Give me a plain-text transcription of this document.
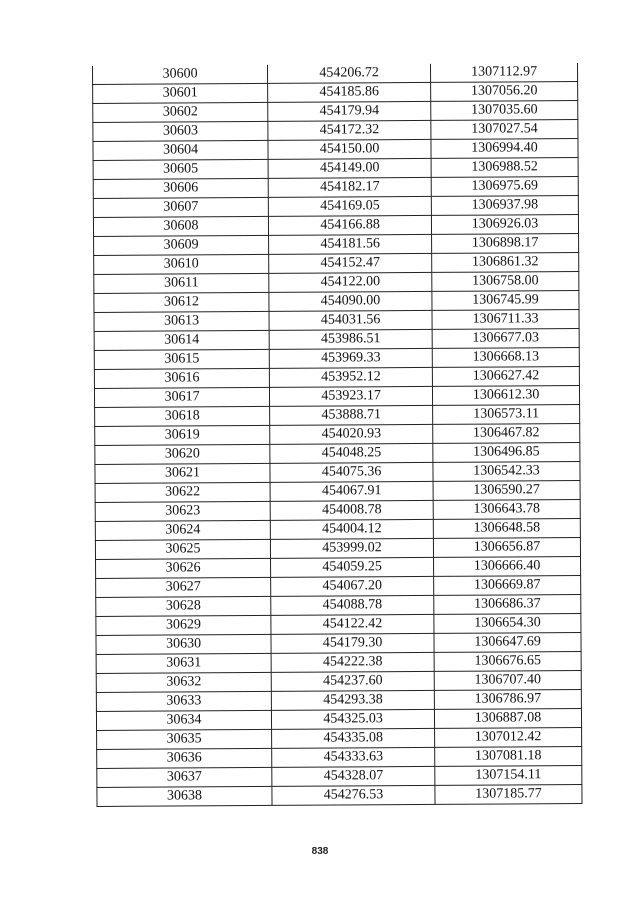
30600	454206.72	1307112.97
30601	454185.86	1307056.20
30602	454179.94	1307035.60
30603	454172.32	1307027.54
30604	454150.00	1306994.40
30605	454149.00	1306988.52
30606	454182.17	1306975.69
30607	454169.05	1306937.98
30608	454166.88	1306926.03
30609	454181.56	1306898.17
30610	454152.47	1306861.32
30611	454122.00	1306758.00
30612	454090.00	1306745.99
30613	454031.56	1306711.33
30614	453986.51	1306677.03
30615	453969.33	1306668.13
30616	453952.12	1306627.42
30617	453923.17	1306612.30
30618	453888.71	1306573.11
30619	454020.93	1306467.82
30620	454048.25	1306496.85
30621	454075.36	1306542.33
30622	454067.91	1306590.27
30623	454008.78	1306643.78
30624	454004.12	1306648.58
30625	453999.02	1306656.87
30626	454059.25	1306666.40
30627	454067.20	1306669.87
30628	454088.78	1306686.37
30629	454122.42	1306654.30
30630	454179.30	1306647.69
30631	454222.38	1306676.65
30632	454237.60	1306707.40
30633	454293.38	1306786.97
30634	454325.03	1306887.08
30635	454335.08	1307012.42
30636	454333.63	1307081.18
30637	454328.07	1307154.11
30638	454276.53	1307185.77
838
